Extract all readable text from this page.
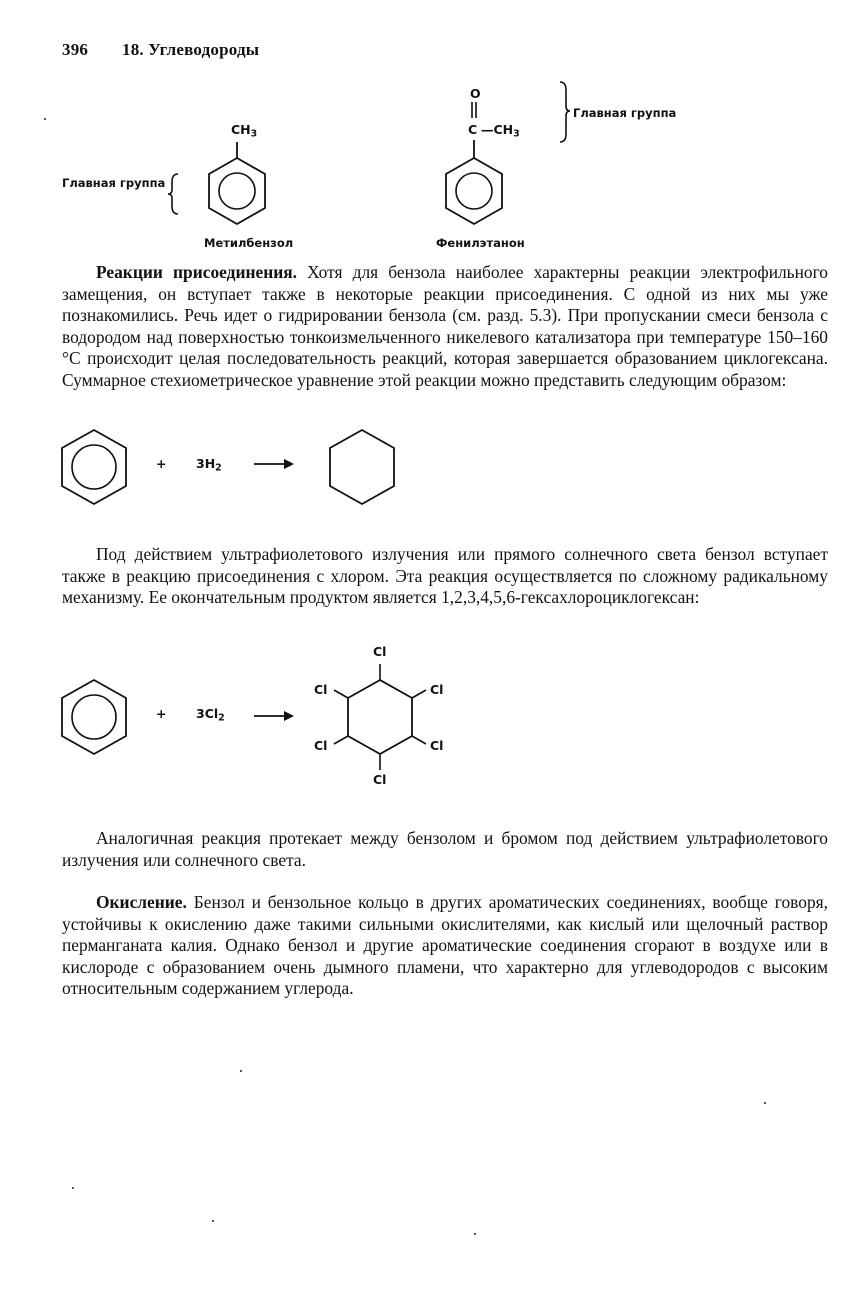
396 18. Углеводороды
Главная группа
$CH_3$
Метилбензол
O
C $—CH_3$
Главная группа
Фенилэтанон
Реакции присоединения. Хотя для бензола наиболее характерны реакции электрофильного замещения, он вступает также в некоторые реакции присоединения. С одной из них мы уже познакомились. Речь идет о гидрировании бензола (см. разд. 5.3). При пропускании смеси бензола с водородом над поверхностью тонкоизмельченного никелевого катализатора при температуре 150–160 °С происходит целая последовательность реакций, которая завершается образованием циклогексана. Суммарное стехиометрическое уравнение этой реакции можно представить следующим образом:
+ $3H_2$
Под действием ультрафиолетового излучения или прямого солнечного света бензол вступает также в реакцию присоединения с хлором. Эта реакция осуществляется по сложному радикальному механизму. Ее окончательным продуктом является 1,2,3,4,5,6-гексахлороциклогексан:
+ $3Cl_2$
Cl
Cl
Cl
Cl
Cl
Cl
Аналогичная реакция протекает между бензолом и бромом под действием ультрафиолетового излучения или солнечного света.
Окисление. Бензол и бензольное кольцо в других ароматических соединениях, вообще говоря, устойчивы к окислению даже такими сильными окислителями, как кислый или щелочный раствор перманганата калия. Однако бензол и другие ароматические соединения сгорают в воздухе или в кислороде с образованием очень дымного пламени, что характерно для углеводородов с высоким относительным содержанием углерода.
